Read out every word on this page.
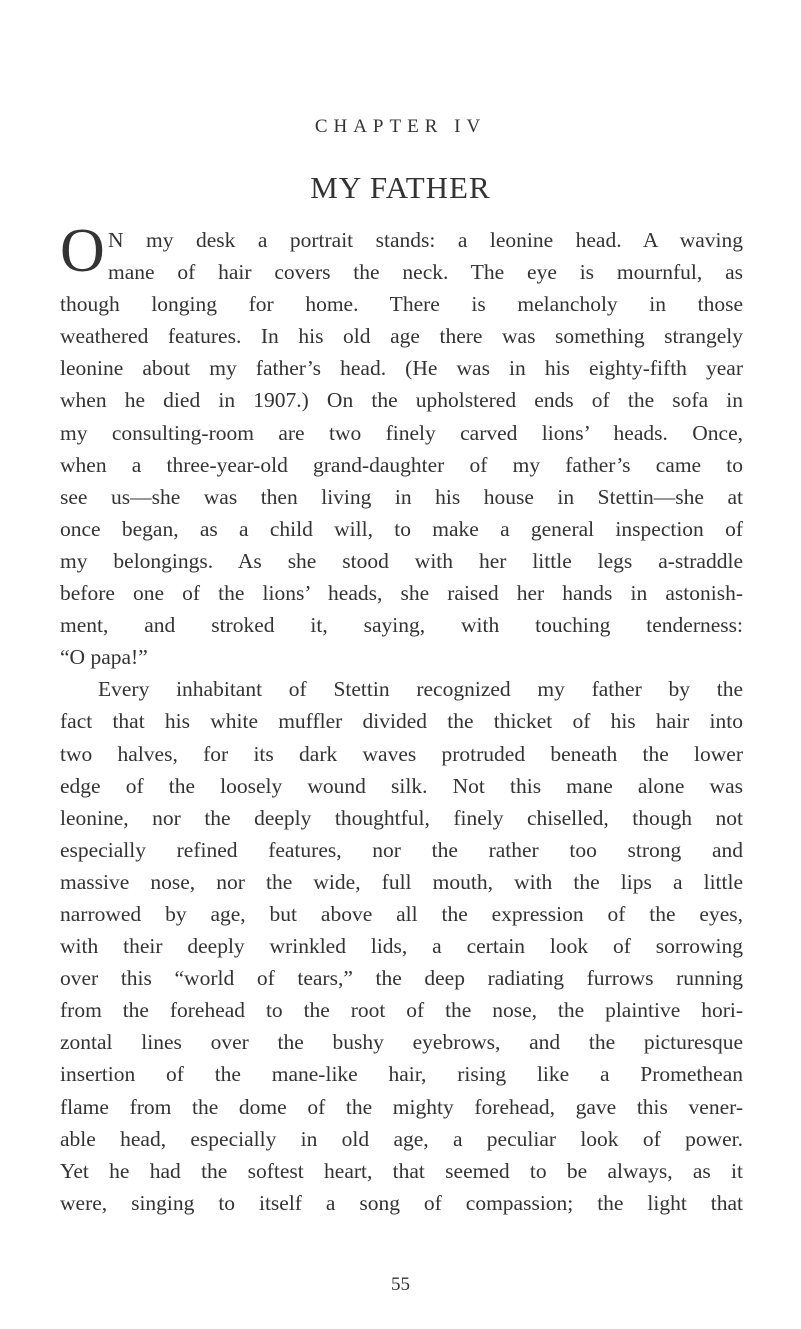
CHAPTER IV
MY FATHER
O N my desk a portrait stands: a leonine head. A waving
mane of hair covers the neck. The eye is mournful, as
though longing for home. There is melancholy in those
weathered features. In his old age there was something strangely
leonine about my father’s head. (He was in his eighty-fifth year
when he died in 1907.) On the upholstered ends of the sofa in
my consulting-room are two finely carved lions’ heads. Once,
when a three-year-old grand-daughter of my father’s came to
see us—she was then living in his house in Stettin—she at
once began, as a child will, to make a general inspection of
my belongings. As she stood with her little legs a-straddle
before one of the lions’ heads, she raised her hands in astonish-
ment, and stroked it, saying, with touching tenderness:
“O papa!”
Every inhabitant of Stettin recognized my father by the
fact that his white muffler divided the thicket of his hair into
two halves, for its dark waves protruded beneath the lower
edge of the loosely wound silk. Not this mane alone was
leonine, nor the deeply thoughtful, finely chiselled, though not
especially refined features, nor the rather too strong and
massive nose, nor the wide, full mouth, with the lips a little
narrowed by age, but above all the expression of the eyes,
with their deeply wrinkled lids, a certain look of sorrowing
over this “world of tears,” the deep radiating furrows running
from the forehead to the root of the nose, the plaintive hori-
zontal lines over the bushy eyebrows, and the picturesque
insertion of the mane-like hair, rising like a Promethean
flame from the dome of the mighty forehead, gave this vener-
able head, especially in old age, a peculiar look of power.
Yet he had the softest heart, that seemed to be always, as it
were, singing to itself a song of compassion; the light that
55
